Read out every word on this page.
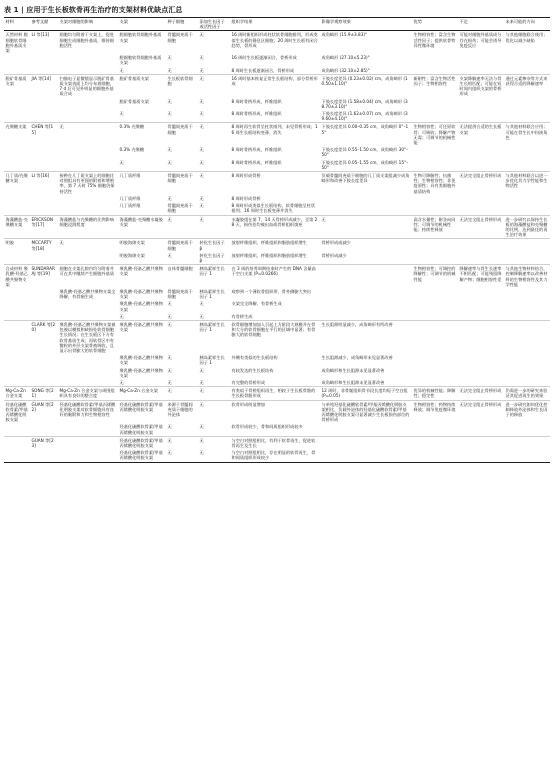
表 1 | 应用于生长板软骨再生治疗的支架材料优缺点汇总
材料	参考文献	支架对细胞的影响	支架	种子细胞	添加生长因子或活性因子	组织学结果	影像学观察效果	优势	不足	未来可能的方向
天然材料 脱细胞软骨细胞外基质支架	LI 等[13]	细胞均匀附着于支架上，促进细胞生成细胞外基质，维持细胞活性	脱细胞软骨细胞外基质支架	骨髓间充质干细胞	无	16 周时新组织形成柱状软骨细胞排列，形成类似生长板的静息区细胞；20 周时生长板有闭合趋势，骨形成	成角畸形 (15.9±3.83)°	生物相容性；富含生物活性因子；提供软骨特异性微环境	可能对细胞外基质成分存在损伤；可能会诱导免疫反应	与其他细胞联合使用；优化以减少缺陷
			脱细胞软骨细胞外基质支架	无	无	16 周时生长板逐渐闭合，骨桥形成	成角畸形 (27.10±5.23)°			
			无	无	无	8 周时生长板逐渐闭合，骨桥形成	成角畸形 (32.10±2.85)°			
脱矿骨基质支架	JIA 等[14]	扫描电子显微镜显示脱矿骨基质支架表面上均分布着细胞，7 d 后可见外明显的细胞外基质合成	脱矿骨基质支架	生长板软骨细胞	无	16 周时基本恢复正常生长板结构，部分骨桥形成	下肢长度差异 (0.23±0.02) cm，成角畸形 (10.50±1.10)°	新耐性；富含生物活性因子；生物相容性	支架降解速率无法与骨生长相匹配；可能在短时间内组织支架的骨桥形成	通过元素掺杂等方式来获得合适的降解速率
			脱矿骨基质支架	无	无	8 周时骨桥形成、纤维组织	下肢长度差异 (1.58±0.04) cm，成角畸形 (38.70±3.10)°			
			无	无	无	8 周时骨桥形成、纤维组织	下肢长度差异 (1.62±0.07) cm，成角畸形 (39.60±4.10)°			
壳聚糖支架	CHEN 等[15]	无	0.3% 壳聚糖	骨髓间充质干细胞	无	8 周时再生软骨呈柱状排列，未见骨桥形成；16 周生长板结构变薄、消失	下肢长度差异 0.00–0.35 cm，成角畸形 0°–15°	生物相容性；可还原软骨；可吸收；降解产物无毒；可调节的机械性能	无法提供合适的生长板支架	与其他材料联合应用；可能在骨生长中扮演角色
			0.3% 壳聚糖	无	无	8 周时骨桥形成、纤维组织	下肢长度差异 0.55–1.50 cm，成角畸形 30°–50°			
			无	无	无	8 周时骨桥形成、纤维组织	下肢长度差异 0.05–1.55 cm，成角畸形 15°–50°			
几丁质/壳聚糖支架	LI 等[16]	接种在几丁质支架上的细胞比对照组具有更强的附着和增殖率，第 7 天时 75% 细胞仍保持活性	几丁质纤维	骨髓间充质干细胞	无	8 周时形成骨桥	负载骨髓间充质干细胞的几丁质支架组减少成角畸形和改善下肢长度差异	生物可降解性；抗菌性；生物相容性；非免疫原性；具有类细胞外基质结构	无法完全阻止骨桥形成	与其他材料联合以进一步优化其力学性能和生物活性
			几丁质纤维	无	无	8 周时形成骨桥				
			几丁质纤维	骨髓间充质干细胞	无	8 周时形成类似生长板结构，软骨细胞呈柱状排列；16 周时生长板变薄并消失				
海藻酸盐-壳聚糖支架	ERICKSON 等[17]	海藻酸盐与壳聚糖的比例影响细胞浸润程度	海藻酸盐-壳聚糖水凝胶支架	无	无	水凝胶组在第 7、14 天骨桥形成减少，至第 28 天，损伤处均被出血或骨桥组织填充	无	高含水量性；耐各向同性；可调节的机械性能；持续性释放	无法完全阻止骨桥形成	进一步研究以保持生长板的海藻酸盐和壳聚糖的比例，达到最佳的再生治疗效果
明胶	MCCARTY 等[18]	无	明胶海绵支架	骨髓间充质干细胞	转化生长因子 β	放射纤维组织、纤维组织和脂肪组织增生	骨桥形成或减少			
			明胶海绵支架	无	转化生长因子 β	放射纤维组织、纤维组织和脂肪组织增生	骨桥形成减少			
合成材料 聚乳酸-羟基乙酸共聚物支架	SUNDARARAJ 等[19]	细胞在支架孔隙内均匀附着并可在其中继续产生细胞外基质	聚乳酸-羟基乙酸共聚物支架	自体骨髓细胞	胰岛素样生长因子 1	在 3 周的培养周期结束时产生的 DNA 含量高于空白支架 (P=0.0266)		生物相容性；可调控的降解性；可调节的机械性能	降解速率与骨生长速率不相匹配；可能残留降解产物；细胞相容性差	与其他生物材料结合，控制降解速率以改善材料的生物相容性及其力学性能
		聚乳酸-羟基乙酸共聚物支架全降解，有骨痂生成	聚乳酸-羟基乙酸共聚物支架	骨髓间充质干细胞	胰岛素样生长因子 1	观察到一个薄软骨组织带，骨外侧膨大突出				
			聚乳酸-羟基乙酸共聚物支架	无	无	支架完全降解，有骨桥生成				
			无	无	无	有骨桥生成				
	CLARK 等[20]	聚乳酸-羟基乙酸共聚物支架被包被以模拟和缺损处软骨细胞生长情况；在生长板区下方有软骨基质生成；再软骨区中有微粒的外层支架骨被吸收，且显示出骨膨大的软骨细胞	聚乳酸-羟基乙酸共聚物支架	无	胰岛素样生长因子 1	软骨细胞增加加入引起上方阶段大规模并在骨和大分的软骨细胞在平行的区域中显著；有骨膨大的软骨细胞	生长阻滞明显减少，成角畸形有所改善			
			聚乳酸-羟基乙酸共聚物支架	无	胰岛素样生长因子 1	外侧有类似的生长板结构	生长阻滞减少，成角畸形未见显著改善			
			聚乳酸-羟基乙酸共聚物支架	无	无	有较发达的生长板结构	成角畸形和生长阻滞未见显著改善			
			无	无	无	有完整的骨桥形成	成角畸形和生长阻滞未见显著改善			
Mg-Ca-Zn 合金支架	SONG 等[21]	Mg-Ca-Zn 合金支架与周围组织具有良好的整合度	Mg-Ca-Zn 合金支架	无	无	有类似于骨桥组织再生，相较于生长板骨骼的生长板骨骼形成	12 周时，非骨骺组织骨节段长度均短于空白组 (P=0.05)	优异的机械性能；降解性；稳定性	无法完全阻止骨桥形成	仍需进一步的研究来验证其促进再生的效果
羟基化硫酸软骨素/甲基丙烯酸化明胶支架	GUAN 等[22]	羟基化硫酸软骨素/甲基丙烯酸化明胶支架对软骨细胞具有良好的黏附和力和生物相容性	羟基化硫酸软骨素/甲基丙烯酸化明胶支架	来源于骨髓间充质干细胞的外泌体	无	软骨形成明显增加	与单纯羟基化硫酸软骨素/甲基丙烯酸化明胶支架相比，负载外泌体的羟基化硫酸软骨素/甲基丙烯酸化明胶支架可显著减少生长板损伤部位的骨桥形成	生物相容性；药物持续释放；调节免疫微环境	无法完全阻止骨桥形成	进一步研究如何优化控制释放外泌体和生长因子的释放
			羟基化硫酸软骨素/甲基丙烯酸化明胶支架	无	无	软骨形成较少，骨和间质组织形成较多				
	GUAN 等[23]		羟基化硫酸软骨素/甲基丙烯酸化明胶支架	无	无	与空白对照组相比，有利于软骨再生，促进软骨再生及生长				
			羟基化硫酸软骨素/甲基丙烯酸化明胶支架	无	无	与空白对照组相比，存在明显的软骨再生，骨和间质组织形成较少				
